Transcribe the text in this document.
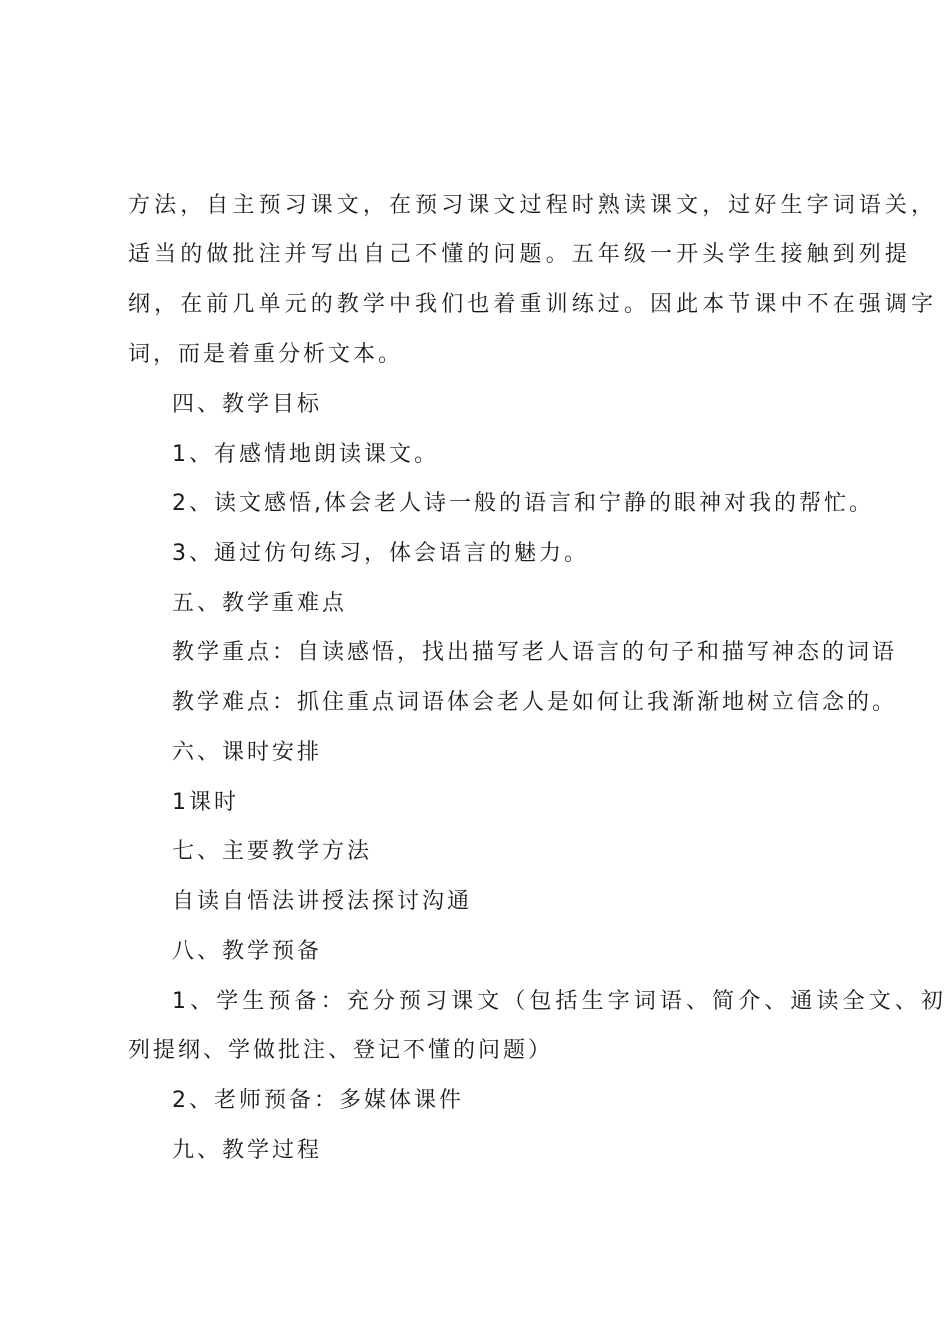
方法，自主预习课文，在预习课文过程时熟读课文，过好生字词语关，
适当的做批注并写出自己不懂的问题。五年级一开头学生接触到列提
纲，在前几单元的教学中我们也着重训练过。因此本节课中不在强调字
词，而是着重分析文本。
四、教学目标
1、有感情地朗读课文。
2、读文感悟,体会老人诗一般的语言和宁静的眼神对我的帮忙。
3、通过仿句练习，体会语言的魅力。
五、教学重难点
教学重点：自读感悟，找出描写老人语言的句子和描写神态的词语
教学难点：抓住重点词语体会老人是如何让我渐渐地树立信念的。
六、课时安排
1课时
七、主要教学方法
自读自悟法讲授法探讨沟通
八、教学预备
1、学生预备：充分预习课文（包括生字词语、简介、通读全文、初
列提纲、学做批注、登记不懂的问题）
2、老师预备：多媒体课件
九、教学过程
